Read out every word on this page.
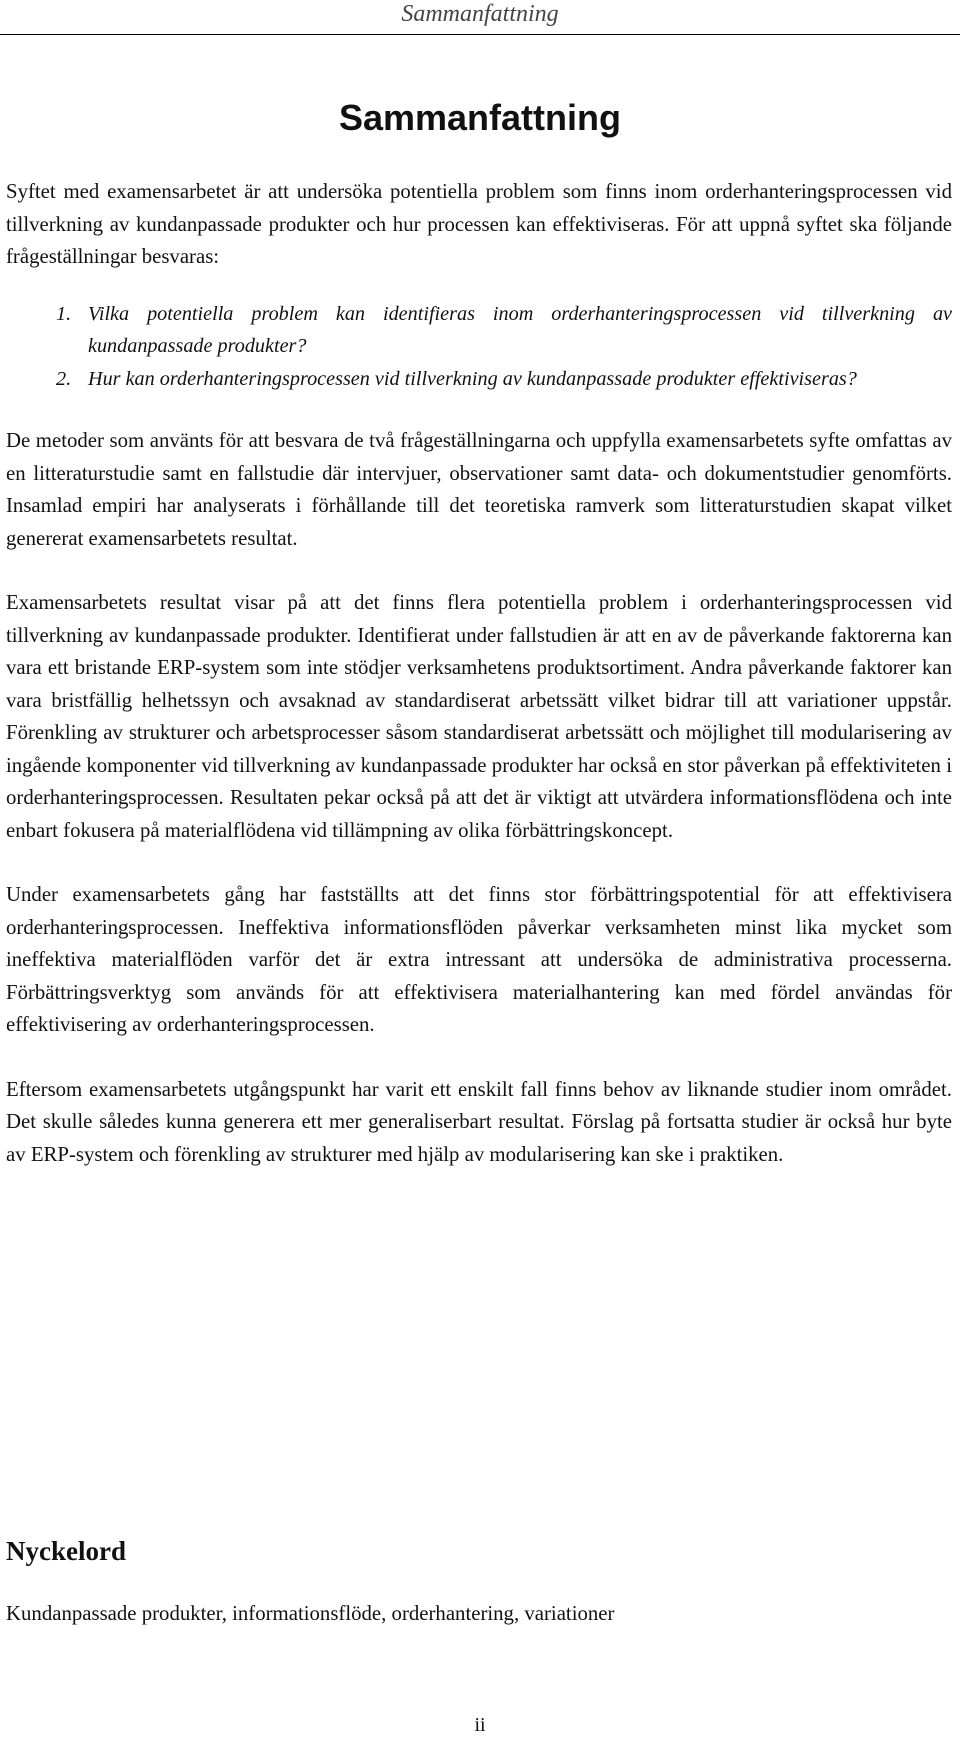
Sammanfattning
Sammanfattning

Syftet med examensarbetet är att undersöka potentiella problem som finns inom orderhanteringsprocessen vid tillverkning av kundanpassade produkter och hur processen kan effektiviseras. För att uppnå syftet ska följande frågeställningar besvaras:

1. Vilka potentiella problem kan identifieras inom orderhanteringsprocessen vid tillverkning av kundanpassade produkter?
2. Hur kan orderhanteringsprocessen vid tillverkning av kundanpassade produkter effektiviseras?

De metoder som använts för att besvara de två frågeställningarna och uppfylla examensarbetets syfte omfattas av en litteraturstudie samt en fallstudie där intervjuer, observationer samt data- och dokumentstudier genomförts. Insamlad empiri har analyserats i förhållande till det teoretiska ramverk som litteraturstudien skapat vilket genererat examensarbetets resultat.

Examensarbetets resultat visar på att det finns flera potentiella problem i orderhanteringsprocessen vid tillverkning av kundanpassade produkter. Identifierat under fallstudien är att en av de påverkande faktorerna kan vara ett bristande ERP-system som inte stödjer verksamhetens produktsortiment. Andra påverkande faktorer kan vara bristfällig helhetssyn och avsaknad av standardiserat arbetssätt vilket bidrar till att variationer uppstår. Förenkling av strukturer och arbetsprocesser såsom standardiserat arbetssätt och möjlighet till modularisering av ingående komponenter vid tillverkning av kundanpassade produkter har också en stor påverkan på effektiviteten i orderhanteringsprocessen. Resultaten pekar också på att det är viktigt att utvärdera informationsflödena och inte enbart fokusera på materialflödena vid tillämpning av olika förbättringskoncept.

Under examensarbetets gång har fastställts att det finns stor förbättringspotential för att effektivisera orderhanteringsprocessen. Ineffektiva informationsflöden påverkar verksamheten minst lika mycket som ineffektiva materialflöden varför det är extra intressant att undersöka de administrativa processerna. Förbättringsverktyg som används för att effektivisera materialhantering kan med fördel användas för effektivisering av orderhanteringsprocessen.

Eftersom examensarbetets utgångspunkt har varit ett enskilt fall finns behov av liknande studier inom området. Det skulle således kunna generera ett mer generaliserbart resultat. Förslag på fortsatta studier är också hur byte av ERP-system och förenkling av strukturer med hjälp av modularisering kan ske i praktiken.

Nyckelord

Kundanpassade produkter, informationsflöde, orderhantering, variationer

ii
